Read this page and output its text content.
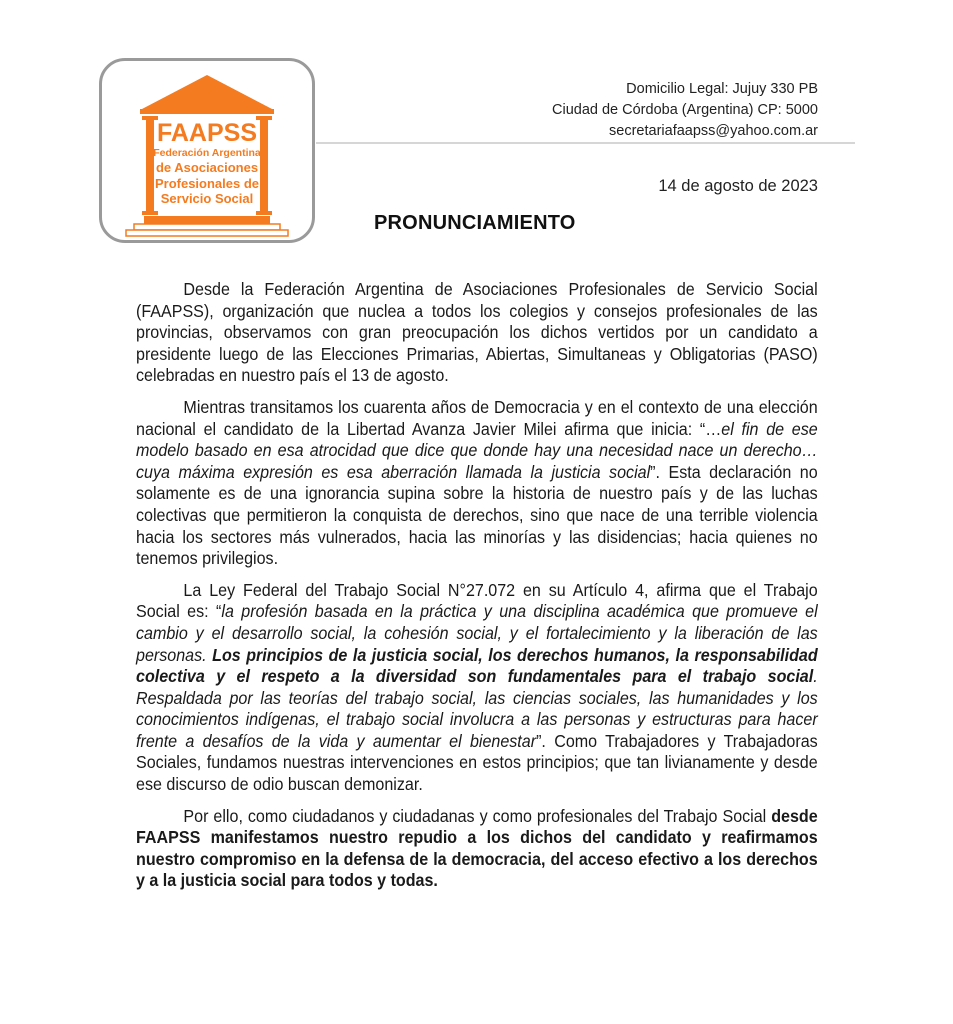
FAAPSS
Federación Argentina
de Asociaciones
Profesionales de
Servicio Social
Domicilio Legal: Jujuy 330 PB
Ciudad de Córdoba (Argentina) CP: 5000
secretariafaapss@yahoo.com.ar
14 de agosto de 2023
PRONUNCIAMIENTO

Desde la Federación Argentina de Asociaciones Profesionales de Servicio Social (FAAPSS), organización que nuclea a todos los colegios y consejos profesionales de las provincias, observamos con gran preocupación los dichos vertidos por un candidato a presidente luego de las Elecciones Primarias, Abiertas, Simultaneas y Obligatorias (PASO) celebradas en nuestro país el 13 de agosto.

Mientras transitamos los cuarenta años de Democracia y en el contexto de una elección nacional el candidato de la Libertad Avanza Javier Milei afirma que inicia: “…el fin de ese modelo basado en esa atrocidad que dice que donde hay una necesidad nace un derecho… cuya máxima expresión es esa aberración llamada la justicia social”. Esta declaración no solamente es de una ignorancia supina sobre la historia de nuestro país y de las luchas colectivas que permitieron la conquista de derechos, sino que nace de una terrible violencia hacia los sectores más vulnerados, hacia las minorías y las disidencias; hacia quienes no tenemos privilegios.

La Ley Federal del Trabajo Social N°27.072 en su Artículo 4, afirma que el Trabajo Social es: “la profesión basada en la práctica y una disciplina académica que promueve el cambio y el desarrollo social, la cohesión social, y el fortalecimiento y la liberación de las personas. Los principios de la justicia social, los derechos humanos, la responsabilidad colectiva y el respeto a la diversidad son fundamentales para el trabajo social. Respaldada por las teorías del trabajo social, las ciencias sociales, las humanidades y los conocimientos indígenas, el trabajo social involucra a las personas y estructuras para hacer frente a desafíos de la vida y aumentar el bienestar”. Como Trabajadores y Trabajadoras Sociales, fundamos nuestras intervenciones en estos principios; que tan livianamente y desde ese discurso de odio buscan demonizar.

Por ello, como ciudadanos y ciudadanas y como profesionales del Trabajo Social desde FAAPSS manifestamos nuestro repudio a los dichos del candidato y reafirmamos nuestro compromiso en la defensa de la democracia, del acceso efectivo a los derechos y a la justicia social para todos y todas.
